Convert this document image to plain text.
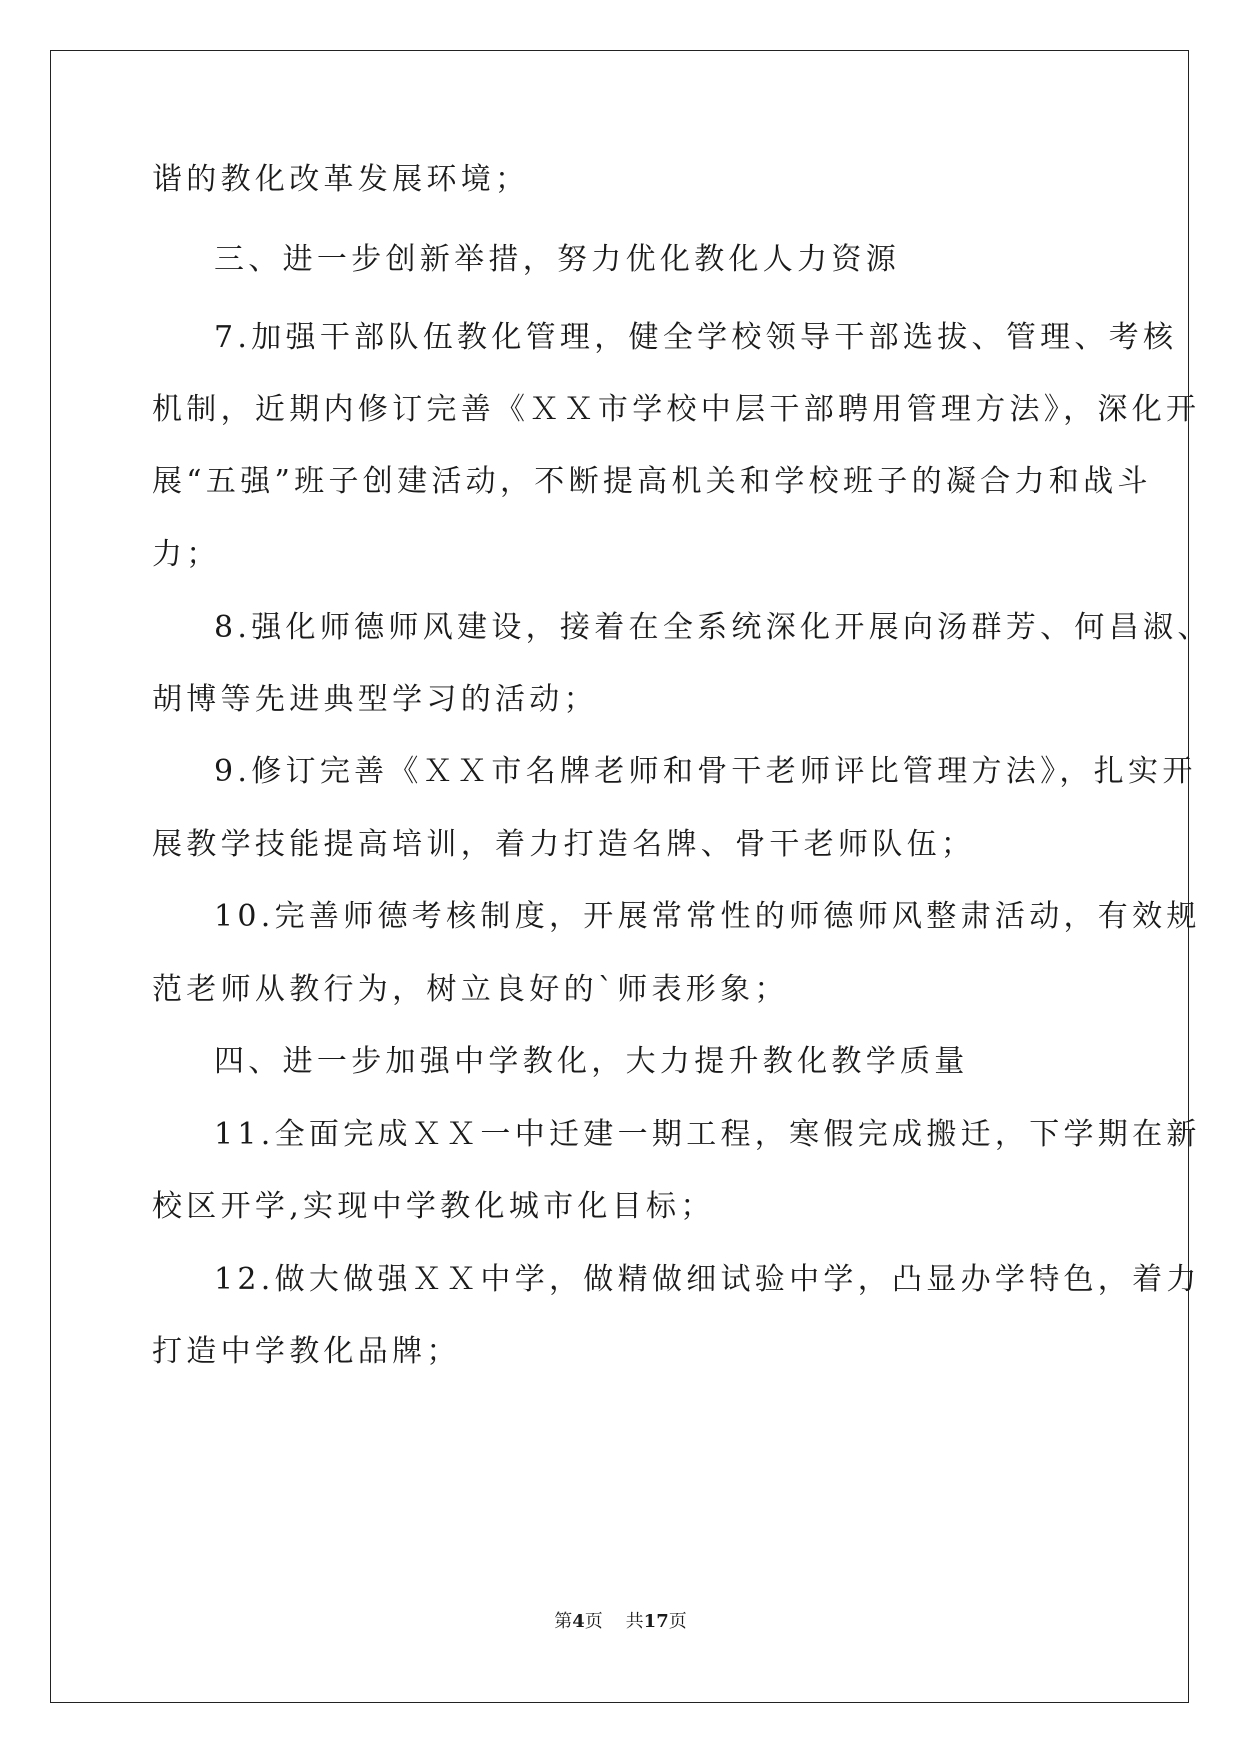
谐的教化改革发展环境；
三、进一步创新举措，努力优化教化人力资源
7.加强干部队伍教化管理，健全学校领导干部选拔、管理、考核
机制，近期内修订完善《ＸＸ市学校中层干部聘用管理方法》，深化开
展“五强”班子创建活动，不断提高机关和学校班子的凝合力和战斗
力；
8.强化师德师风建设，接着在全系统深化开展向汤群芳、何昌淑、
胡博等先进典型学习的活动；
9.修订完善《ＸＸ市名牌老师和骨干老师评比管理方法》，扎实开
展教学技能提高培训，着力打造名牌、骨干老师队伍；
10.完善师德考核制度，开展常常性的师德师风整肃活动，有效规
范老师从教行为，树立良好的`师表形象；
四、进一步加强中学教化，大力提升教化教学质量
11.全面完成ＸＸ一中迁建一期工程，寒假完成搬迁，下学期在新
校区开学,实现中学教化城市化目标；
12.做大做强ＸＸ中学，做精做细试验中学，凸显办学特色，着力
打造中学教化品牌；
第4页 共17页
